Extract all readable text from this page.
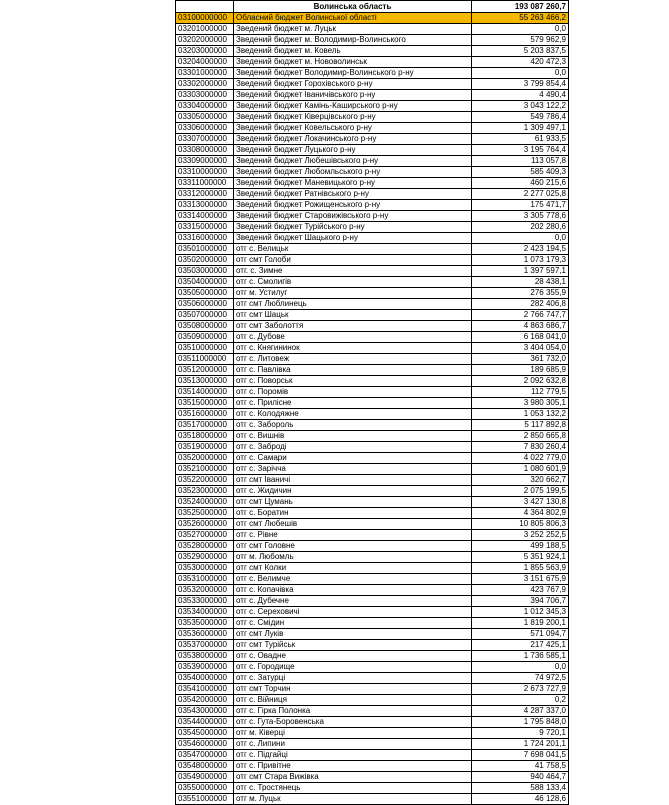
	Волинська область	193 087 260,7
03100000000	Обласний бюджет Волинської області	55 263 466,2
03201000000	Зведений бюджет м. Луцьк	0,0
03202000000	Зведений бюджет м. Володимир-Волинського	579 962,9
03203000000	Зведений бюджет м. Ковель	5 203 837,5
03204000000	Зведений бюджет м. Нововолинськ	420 472,3
03301000000	Зведений бюджет Володимир-Волинського р-ну	0,0
03302000000	Зведений бюджет Горохівського р-ну	3 799 854,4
03303000000	Зведений бюджет Іваничівського р-ну	4 490,4
03304000000	Зведений бюджет Камінь-Каширського р-ну	3 043 122,2
03305000000	Зведений бюджет Ківерцівського р-ну	549 786,4
03306000000	Зведений бюджет Ковельського р-ну	1 309 497,1
03307000000	Зведений бюджет Локачинського р-ну	61 933,5
03308000000	Зведений бюджет Луцького р-ну	3 195 764,4
03309000000	Зведений бюджет Любешівського р-ну	113 057,8
03310000000	Зведений бюджет Любомльського р-ну	585 409,3
03311000000	Зведений бюджет Маневицького р-ну	460 215,6
03312000000	Зведений бюджет Ратнівського р-ну	2 277 025,8
03313000000	Зведений бюджет Рожищенського р-ну	175 471,7
03314000000	Зведений бюджет Старовижівського р-ну	3 305 778,6
03315000000	Зведений бюджет Турійського р-ну	202 280,6
03316000000	Зведений бюджет Шацького р-ну	0,0
03501000000	отг с. Велицьк	2 423 194,5
03502000000	отг смт Голоби	1 073 179,3
03503000000	отг. с. Зимне	1 397 597,1
03504000000	отг с. Смолигів	28 438,1
03505000000	отг м. Устилуг	276 355,9
03506000000	отг смт Люблинець	282 406,8
03507000000	отг смт Шацьк	2 766 747,7
03508000000	отг смт Заболоття	4 863 686,7
03509000000	отг с. Дубове	6 168 041,0
03510000000	отг с. Княгининок	3 404 054,0
03511000000	отг с. Литовеж	361 732,0
03512000000	отг с. Павлівка	189 685,9
03513000000	отг с. Поворськ	2 092 632,8
03514000000	отг с. Поромів	112 779,5
03515000000	отг с. Прилісне	3 980 305,1
03516000000	отг с. Колодяжне	1 053 132,2
03517000000	отг с. Забороль	5 117 892,8
03518000000	отг с. Вишнів	2 850 665,8
03519000000	отг с. Забродi	7 830 260,4
03520000000	отг с. Самари	4 022 779,0
03521000000	отг с. Зарічча	1 080 601,9
03522000000	отг смт Іваничі	320 662,7
03523000000	отг с. Жидичин	2 075 199,5
03524000000	отг смт Цумань	3 427 130,8
03525000000	отг с. Боратин	4 364 802,9
03526000000	отг смт Любешів	10 805 806,3
03527000000	отг с. Рівне	3 252 252,5
03528000000	отг смт Головне	499 188,5
03529000000	отг м. Любомль	5 351 924,1
03530000000	отг смт Колки	1 855 563,9
03531000000	отг с. Велимче	3 151 675,9
03532000000	отг с. Копачівка	423 767,9
03533000000	отг с. Дубечне	394 706,7
03534000000	отг с. Сереховичі	1 012 345,3
03535000000	отг с. Смідин	1 819 200,1
03536000000	отг смт Луків	571 094,7
03537000000	отг смт Турійськ	217 425,1
03538000000	отг с. Овадне	1 736 585,1
03539000000	отг с. Городище	0,0
03540000000	отг с. Затурці	74 972,5
03541000000	отг смт Торчин	2 673 727,9
03542000000	отг с. Війниця	0,2
03543000000	отг с. Гірка Полонка	4 287 337,0
03544000000	отг с. Гута-Боровенська	1 795 848,0
03545000000	отг м. Ківерці	9 720,1
03546000000	отг с. Липини	1 724 201,1
03547000000	отг с. Підгайці	7 698 041,5
03548000000	отг с. Привітне	41 758,5
03549000000	отг смт Стара Вижівка	940 464,7
03550000000	отг с. Тростянець	588 133,4
03551000000	отг м. Луцьк	46 128,6
